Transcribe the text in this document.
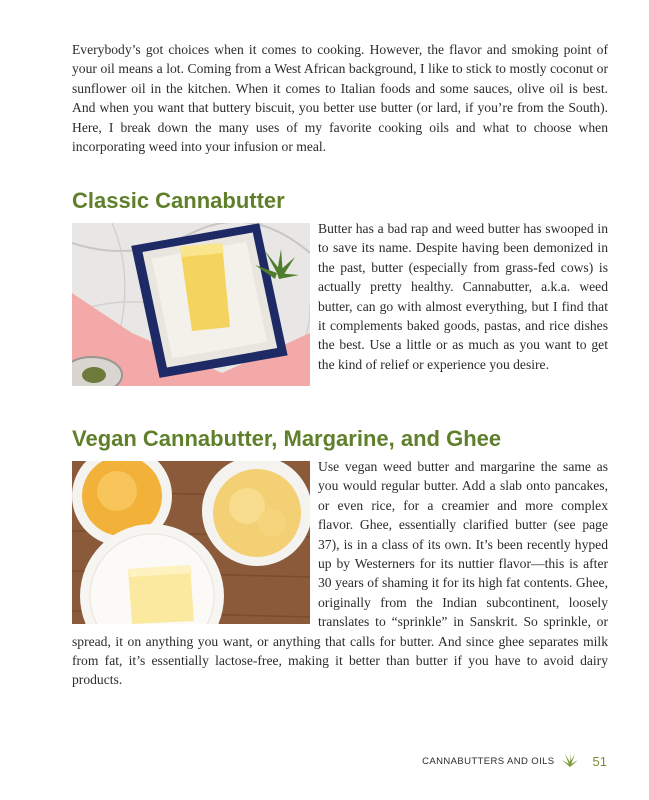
Everybody’s got choices when it comes to cooking. However, the flavor and smoking point of your oil means a lot. Coming from a West African background, I like to stick to mostly coconut or sunflower oil in the kitchen. When it comes to Italian foods and some sauces, olive oil is best. And when you want that buttery biscuit, you better use butter (or lard, if you’re from the South). Here, I break down the many uses of my favorite cooking oils and what to choose when incorporating weed into your infusion or meal.

Classic Cannabutter

Butter has a bad rap and weed butter has swooped in to save its name. Despite having been demonized in the past, butter (especially from grass-fed cows) is actually pretty healthy. Cannabutter, a.k.a. weed butter, can go with almost everything, but I find that it complements baked goods, pastas, and rice dishes the best. Use a little or as much as you want to get the kind of relief or experience you desire.

Vegan Cannabutter, Margarine, and Ghee

Use vegan weed butter and margarine the same as you would regular butter. Add a slab onto pancakes, or even rice, for a creamier and more complex flavor. Ghee, essentially clarified butter (see page 37), is in a class of its own. It’s been recently hyped up by Westerners for its nuttier flavor—this is after 30 years of shaming it for its high fat contents. Ghee, originally from the Indian subcontinent, loosely translates to “sprinkle” in Sanskrit. So sprinkle, or spread, it on anything you want, or anything that calls for butter. And since ghee separates milk from fat, it’s essentially lactose-free, making it better than butter if you have to avoid dairy products.

CANNABUTTERS AND OILS	51
